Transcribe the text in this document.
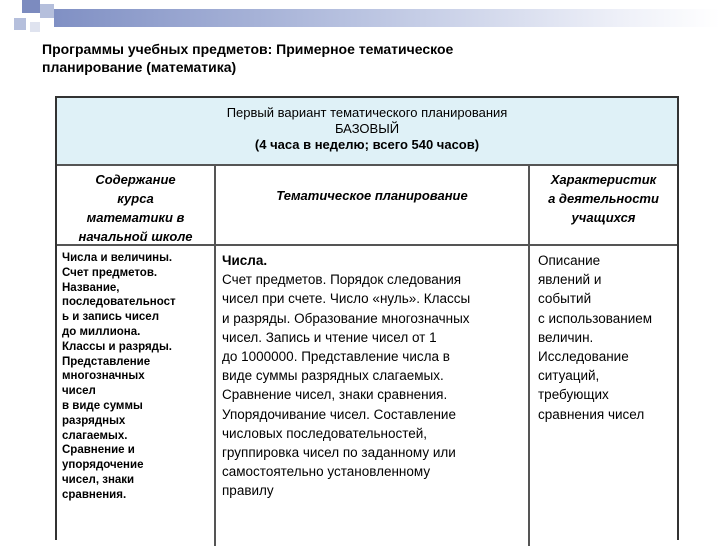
Программы учебных предметов: Примерное тематическое
планирование (математика)
Первый вариант тематического планирования
БАЗОВЫЙ
(4 часа в неделю; всего 540 часов)
Содержание
курса
математики в
начальной школе
Тематическое планирование
Характеристик
а деятельности
учащихся
Числа и величины.
Счет предметов.
Название,
последовательност
ь и запись чисел
до миллиона.
Классы и разряды.
Представление
многозначных
чисел
в виде суммы
разрядных
слагаемых.
Сравнение и
упорядочение
чисел, знаки
сравнения.
Числа.
Счет предметов. Порядок следования
чисел при счете. Число «нуль». Классы
и разряды. Образование многозначных
чисел. Запись и чтение чисел от 1
до 1000000. Представление числа в
виде суммы разрядных слагаемых.
Сравнение чисел, знаки сравнения.
Упорядочивание чисел. Составление
числовых последовательностей,
группировка чисел по заданному или
самостоятельно установленному
правилу
Описание
явлений и
событий
с использованием
величин.
Исследование
ситуаций,
требующих
сравнения чисел
